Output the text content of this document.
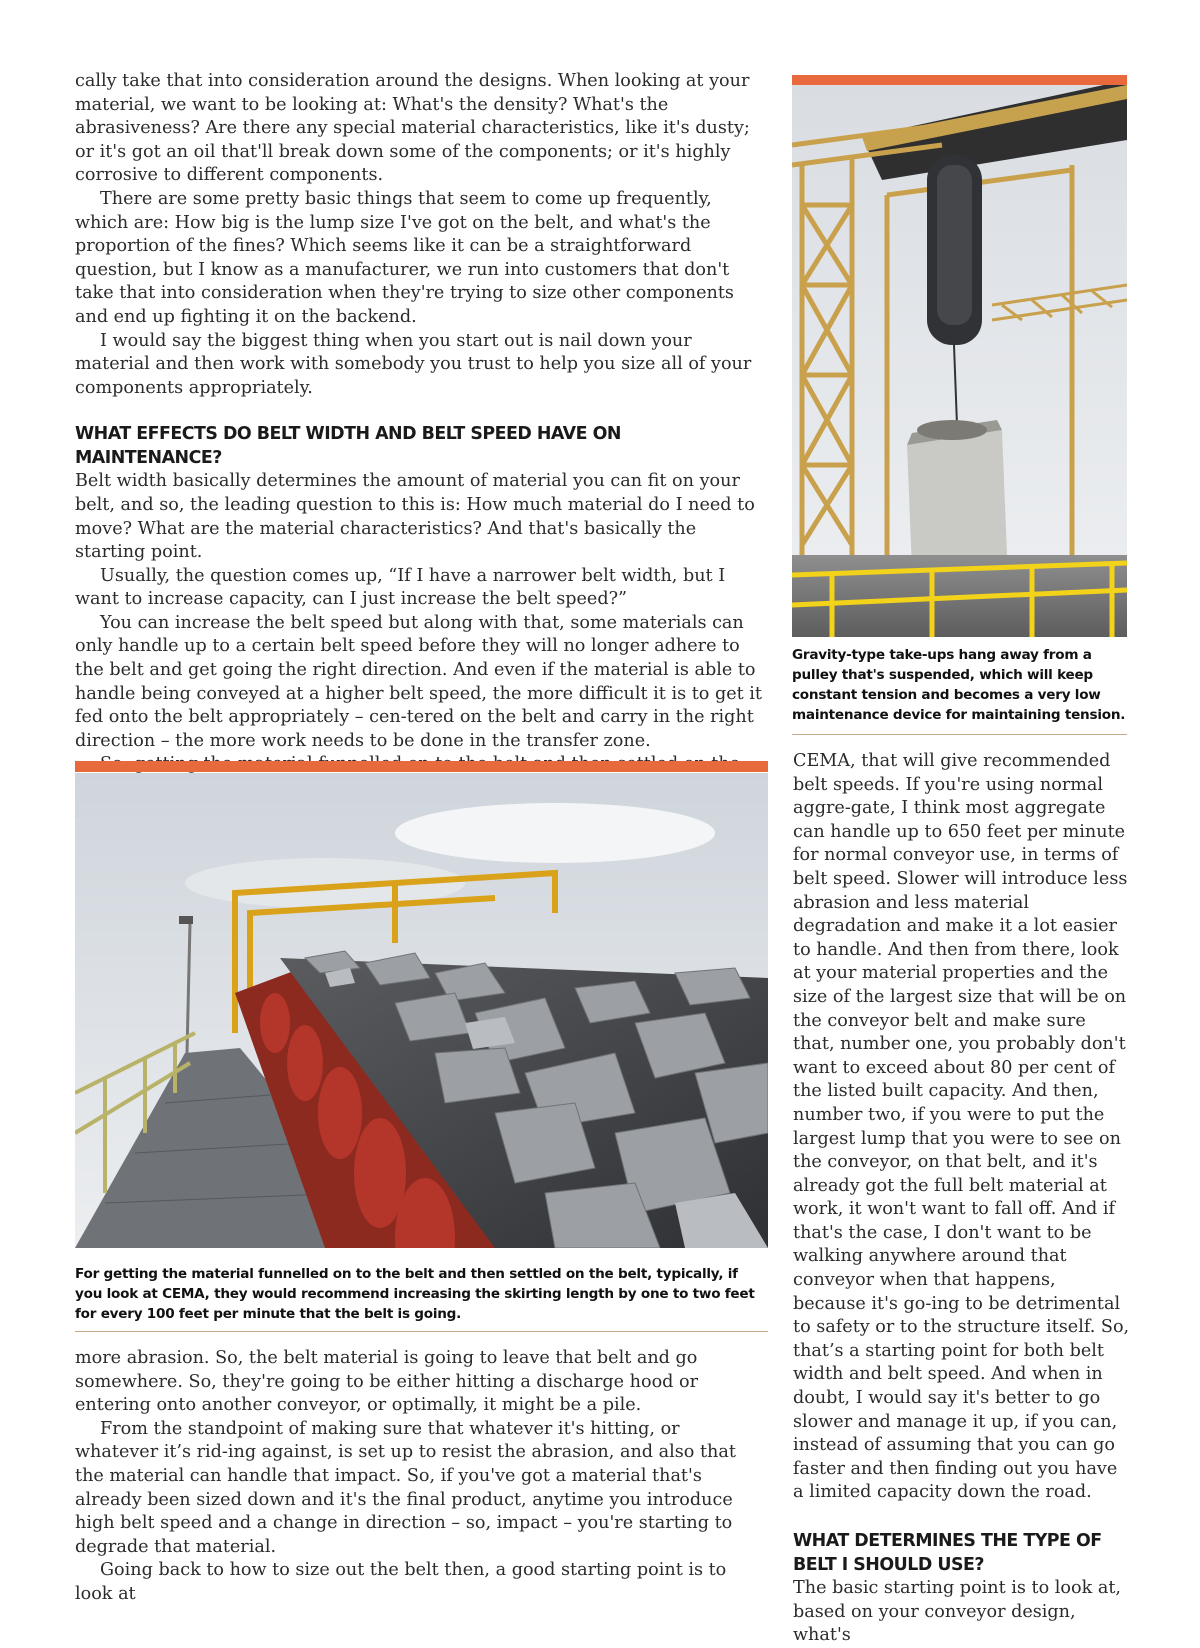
cally take that into consideration around the designs. When looking at your material, we want to be looking at: What's the density? What's the abrasiveness? Are there any special material characteristics, like it's dusty; or it's got an oil that'll break down some of the components; or it's highly corrosive to different components.

There are some pretty basic things that seem to come up frequently, which are: How big is the lump size I've got on the belt, and what's the proportion of the fines? Which seems like it can be a straightforward question, but I know as a manufacturer, we run into customers that don't take that into consideration when they're trying to size other components and end up fighting it on the backend.

I would say the biggest thing when you start out is nail down your material and then work with somebody you trust to help you size all of your components appropriately.

WHAT EFFECTS DO BELT WIDTH AND BELT SPEED HAVE ON MAINTENANCE?

Belt width basically determines the amount of material you can fit on your belt, and so, the leading question to this is: How much material do I need to move? What are the material characteristics? And that's basically the starting point.

Usually, the question comes up, “If I have a narrower belt width, but I want to increase capacity, can I just increase the belt speed?”

You can increase the belt speed but along with that, some materials can only handle up to a certain belt speed before they will no longer adhere to the belt and get going the right direction. And even if the material is able to handle being conveyed at a higher belt speed, the more difficult it is to get it fed onto the belt appropriately – cen-tered on the belt and carry in the right direction – the more work needs to be done in the transfer zone.

Gravity-type take-ups hang away from a pulley that's suspended, which will keep constant tension and becomes a very low maintenance device for maintaining tension.

CEMA, that will give recommended belt speeds. If you're using normal aggre-gate, I think most aggregate can handle up to 650 feet per minute for normal conveyor use, in terms of belt speed. Slower will introduce less abrasion and less material degradation and make it a lot easier to handle. And then from there, look at your material properties and the size of the largest size that will be on the conveyor belt and make sure that, number one, you probably don't want to exceed about 80 per cent of the listed built capacity. And then, number two, if you were to put the largest lump that you were to see on the conveyor, on that belt, and it's already got the full belt material at work, it won't want to fall off. And if that's the case, I don't want to be walking anywhere around that conveyor when that happens, because it's go-ing to be detrimental to safety or to the structure itself. So, that’s a starting point for both belt width and belt speed. And when in doubt, I would say it's better to go slower and manage it up, if you can, instead of assuming that you can go faster and then finding out you have a limited capacity down the road.

WHAT DETERMINES THE TYPE OF BELT I SHOULD USE?

The basic starting point is to look at, based on your conveyor design, what's

For getting the material funnelled on to the belt and then settled on the belt, typically, if you look at CEMA, they would recommend increasing the skirting length by one to two feet for every 100 feet per minute that the belt is going.

more abrasion. So, the belt material is going to leave that belt and go somewhere. So, they're going to be either hitting a discharge hood or entering onto another conveyor, or optimally, it might be a pile.

From the standpoint of making sure that whatever it's hitting, or whatever it’s rid-ing against, is set up to resist the abrasion, and also that the material can handle that impact. So, if you've got a material that's already been sized down and it's the final product, anytime you introduce high belt speed and a change in direction – so, impact – you're starting to degrade that material.

Going back to how to size out the belt then, a good starting point is to look at
